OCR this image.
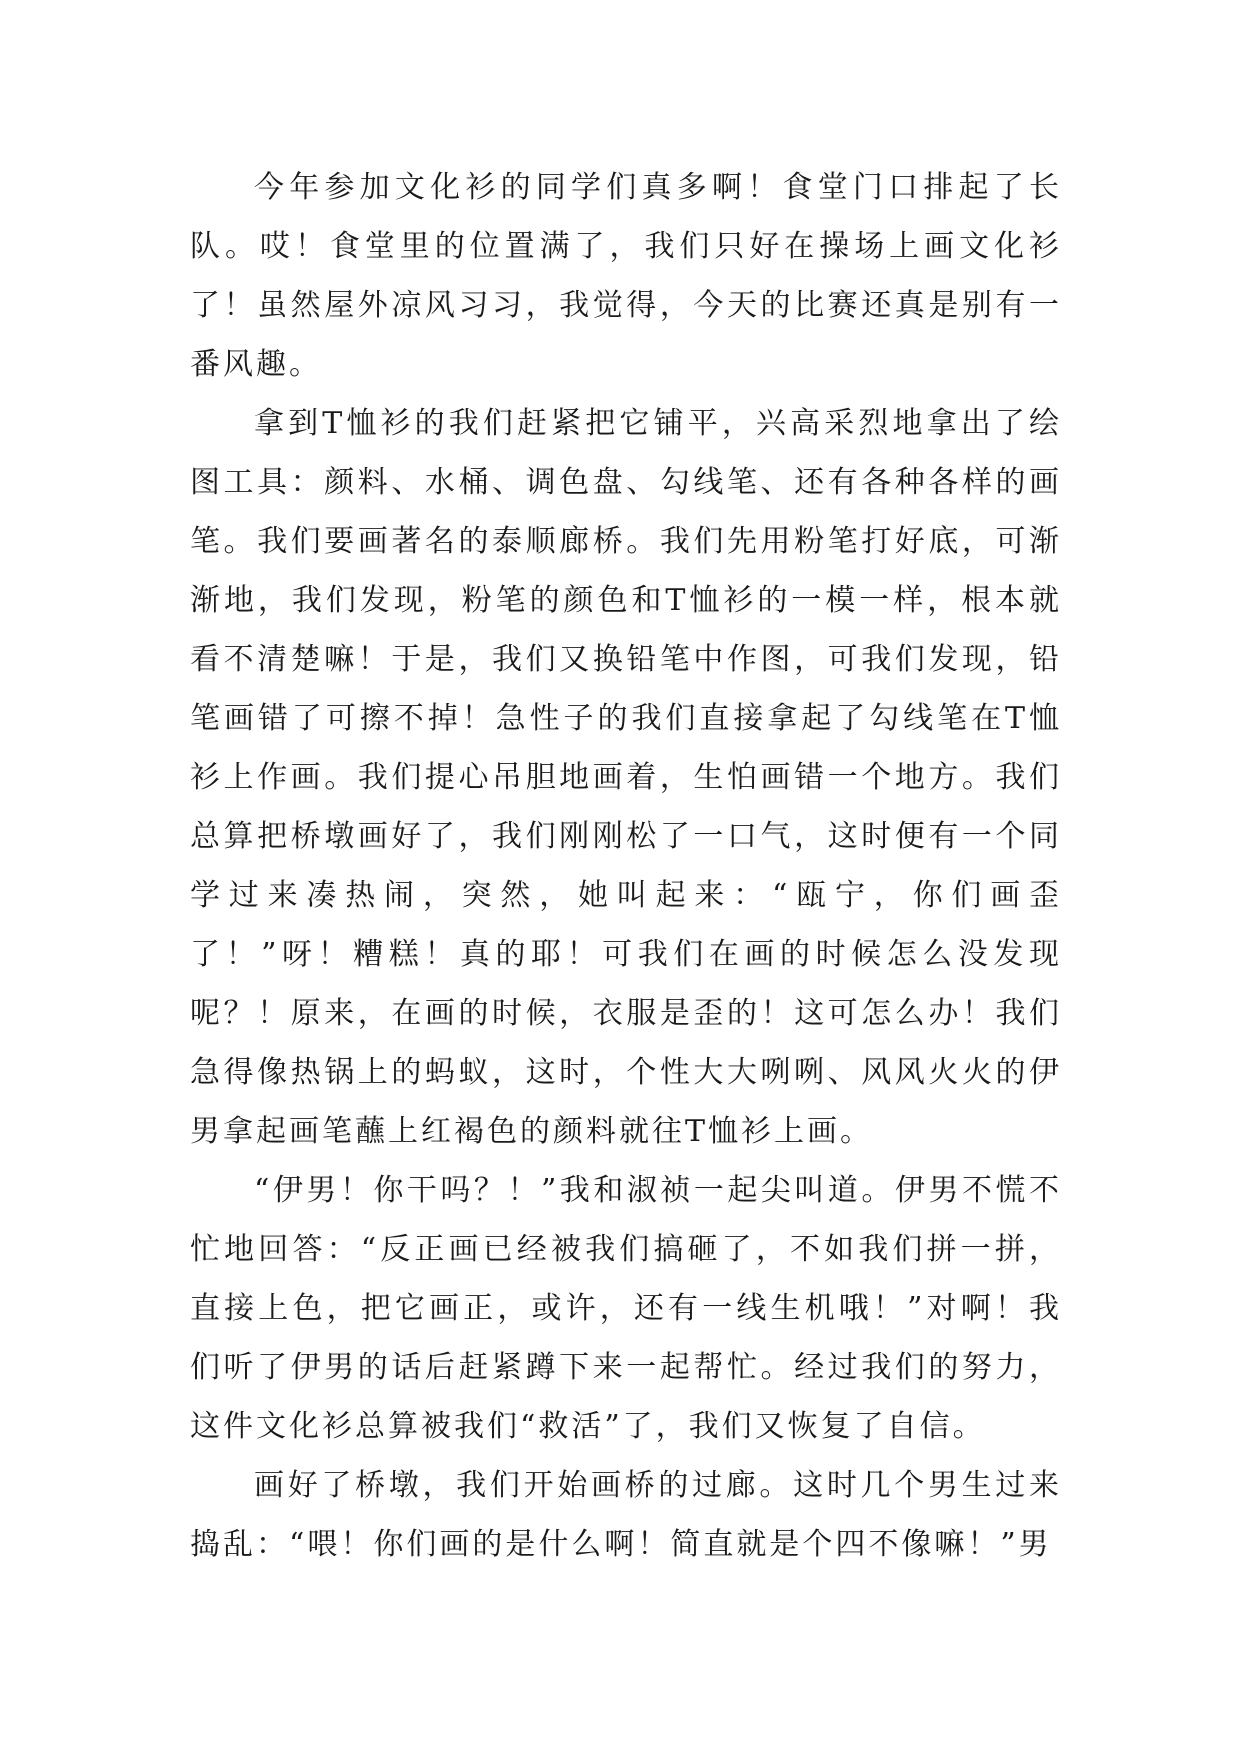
今年参加文化衫的同学们真多啊！食堂门口排起了长队。哎！食堂里的位置满了，我们只好在操场上画文化衫了！虽然屋外凉风习习，我觉得，今天的比赛还真是别有一番风趣。

拿到T恤衫的我们赶紧把它铺平，兴高采烈地拿出了绘图工具：颜料、水桶、调色盘、勾线笔、还有各种各样的画笔。我们要画著名的泰顺廊桥。我们先用粉笔打好底，可渐渐地，我们发现，粉笔的颜色和T恤衫的一模一样，根本就看不清楚嘛！于是，我们又换铅笔中作图，可我们发现，铅笔画错了可擦不掉！急性子的我们直接拿起了勾线笔在T恤衫上作画。我们提心吊胆地画着，生怕画错一个地方。我们总算把桥墩画好了，我们刚刚松了一口气，这时便有一个同学过来凑热闹，突然，她叫起来：“瓯宁，你们画歪了！”呀！糟糕！真的耶！可我们在画的时候怎么没发现呢？！原来，在画的时候，衣服是歪的！这可怎么办！我们急得像热锅上的蚂蚁，这时，个性大大咧咧、风风火火的伊男拿起画笔蘸上红褐色的颜料就往T恤衫上画。

“伊男！你干吗？！”我和淑祯一起尖叫道。伊男不慌不忙地回答：“反正画已经被我们搞砸了，不如我们拼一拼，直接上色，把它画正，或许，还有一线生机哦！”对啊！我们听了伊男的话后赶紧蹲下来一起帮忙。经过我们的努力，这件文化衫总算被我们“救活”了，我们又恢复了自信。

画好了桥墩，我们开始画桥的过廊。这时几个男生过来捣乱：“喂！你们画的是什么啊！简直就是个四不像嘛！”男
